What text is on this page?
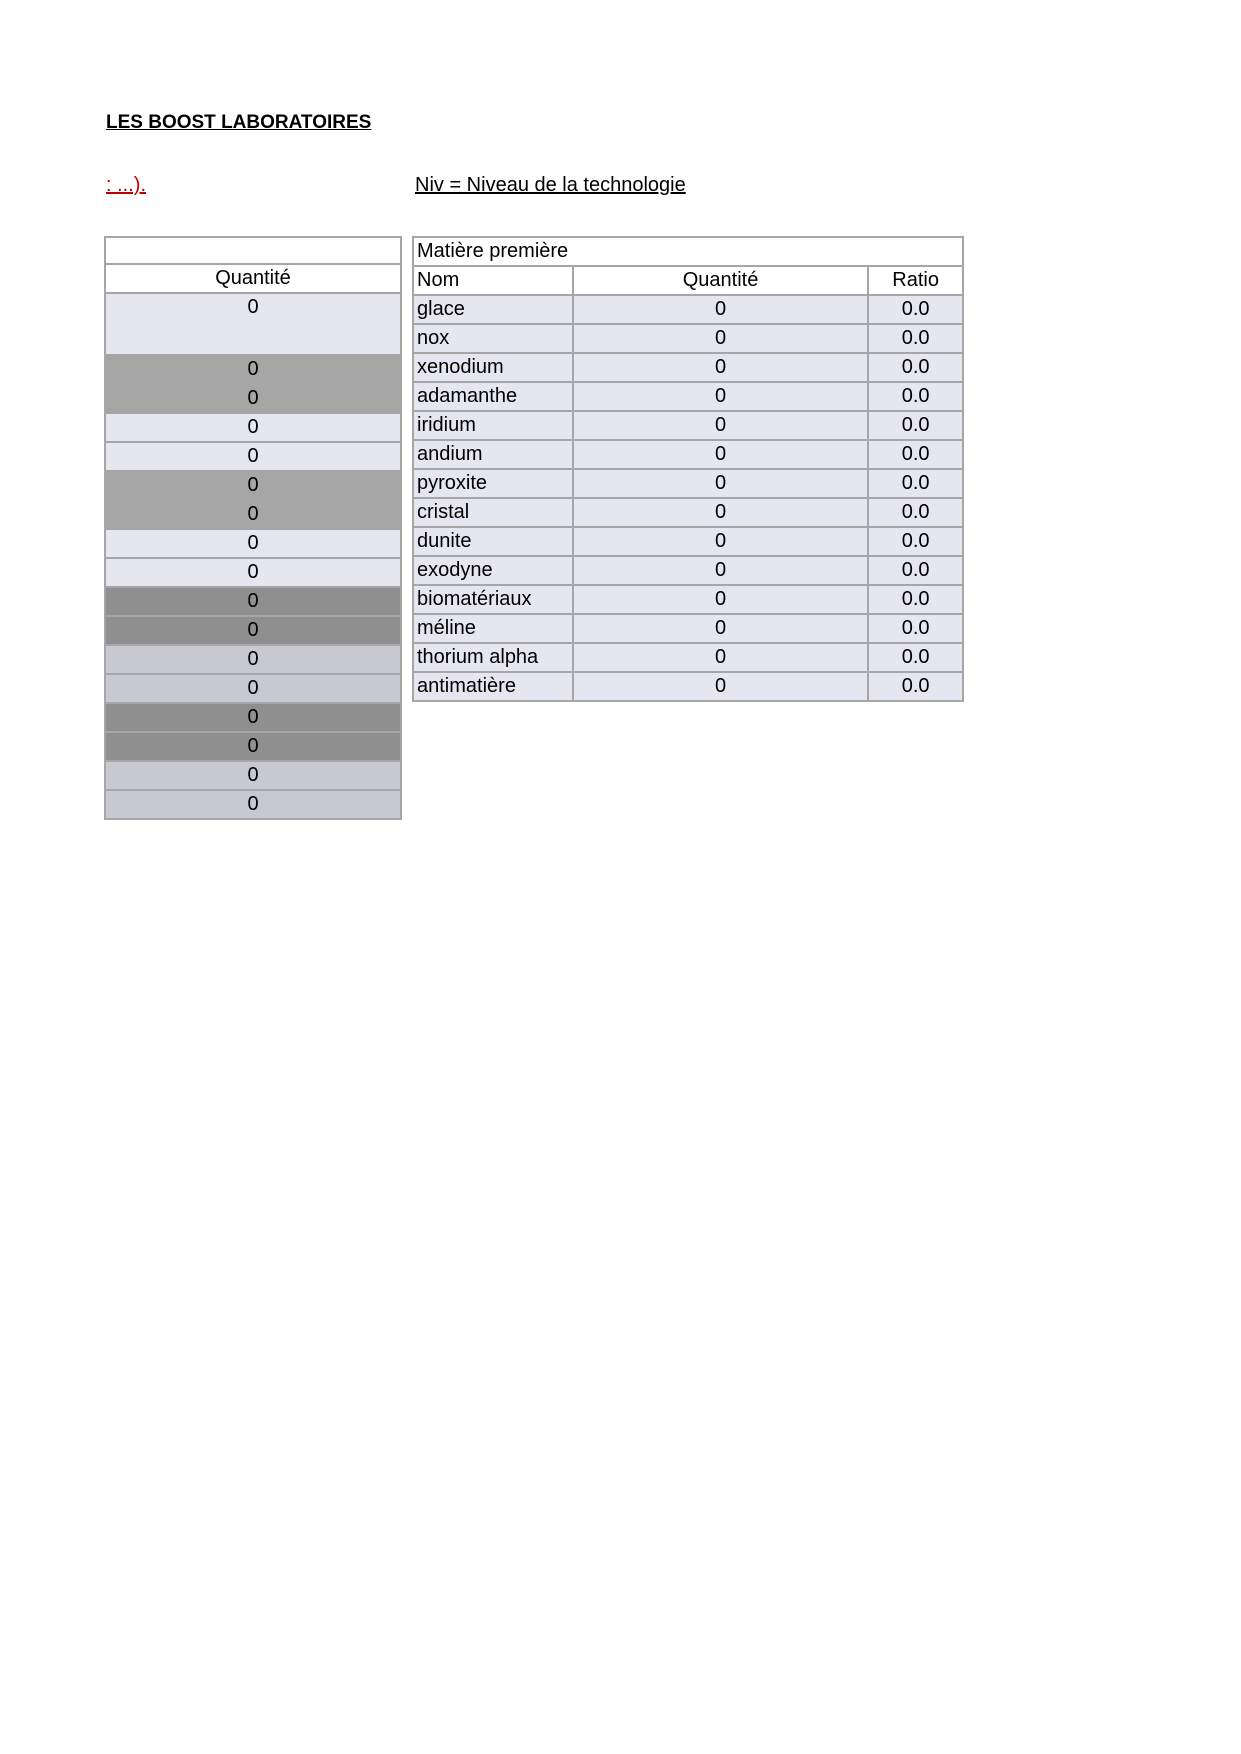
LES BOOST LABORATOIRES
: ...).	Niv = Niveau de la technologie

Quantité
0
0
0
0
0
0
0
0
0
0
0
0
0
0
0
0
0
Matière première		
Nom	Quantité	Ratio
glace	0	0.0
nox	0	0.0
xenodium	0	0.0
adamanthe	0	0.0
iridium	0	0.0
andium	0	0.0
pyroxite	0	0.0
cristal	0	0.0
dunite	0	0.0
exodyne	0	0.0
biomatériaux	0	0.0
méline	0	0.0
thorium alpha	0	0.0
antimatière	0	0.0
